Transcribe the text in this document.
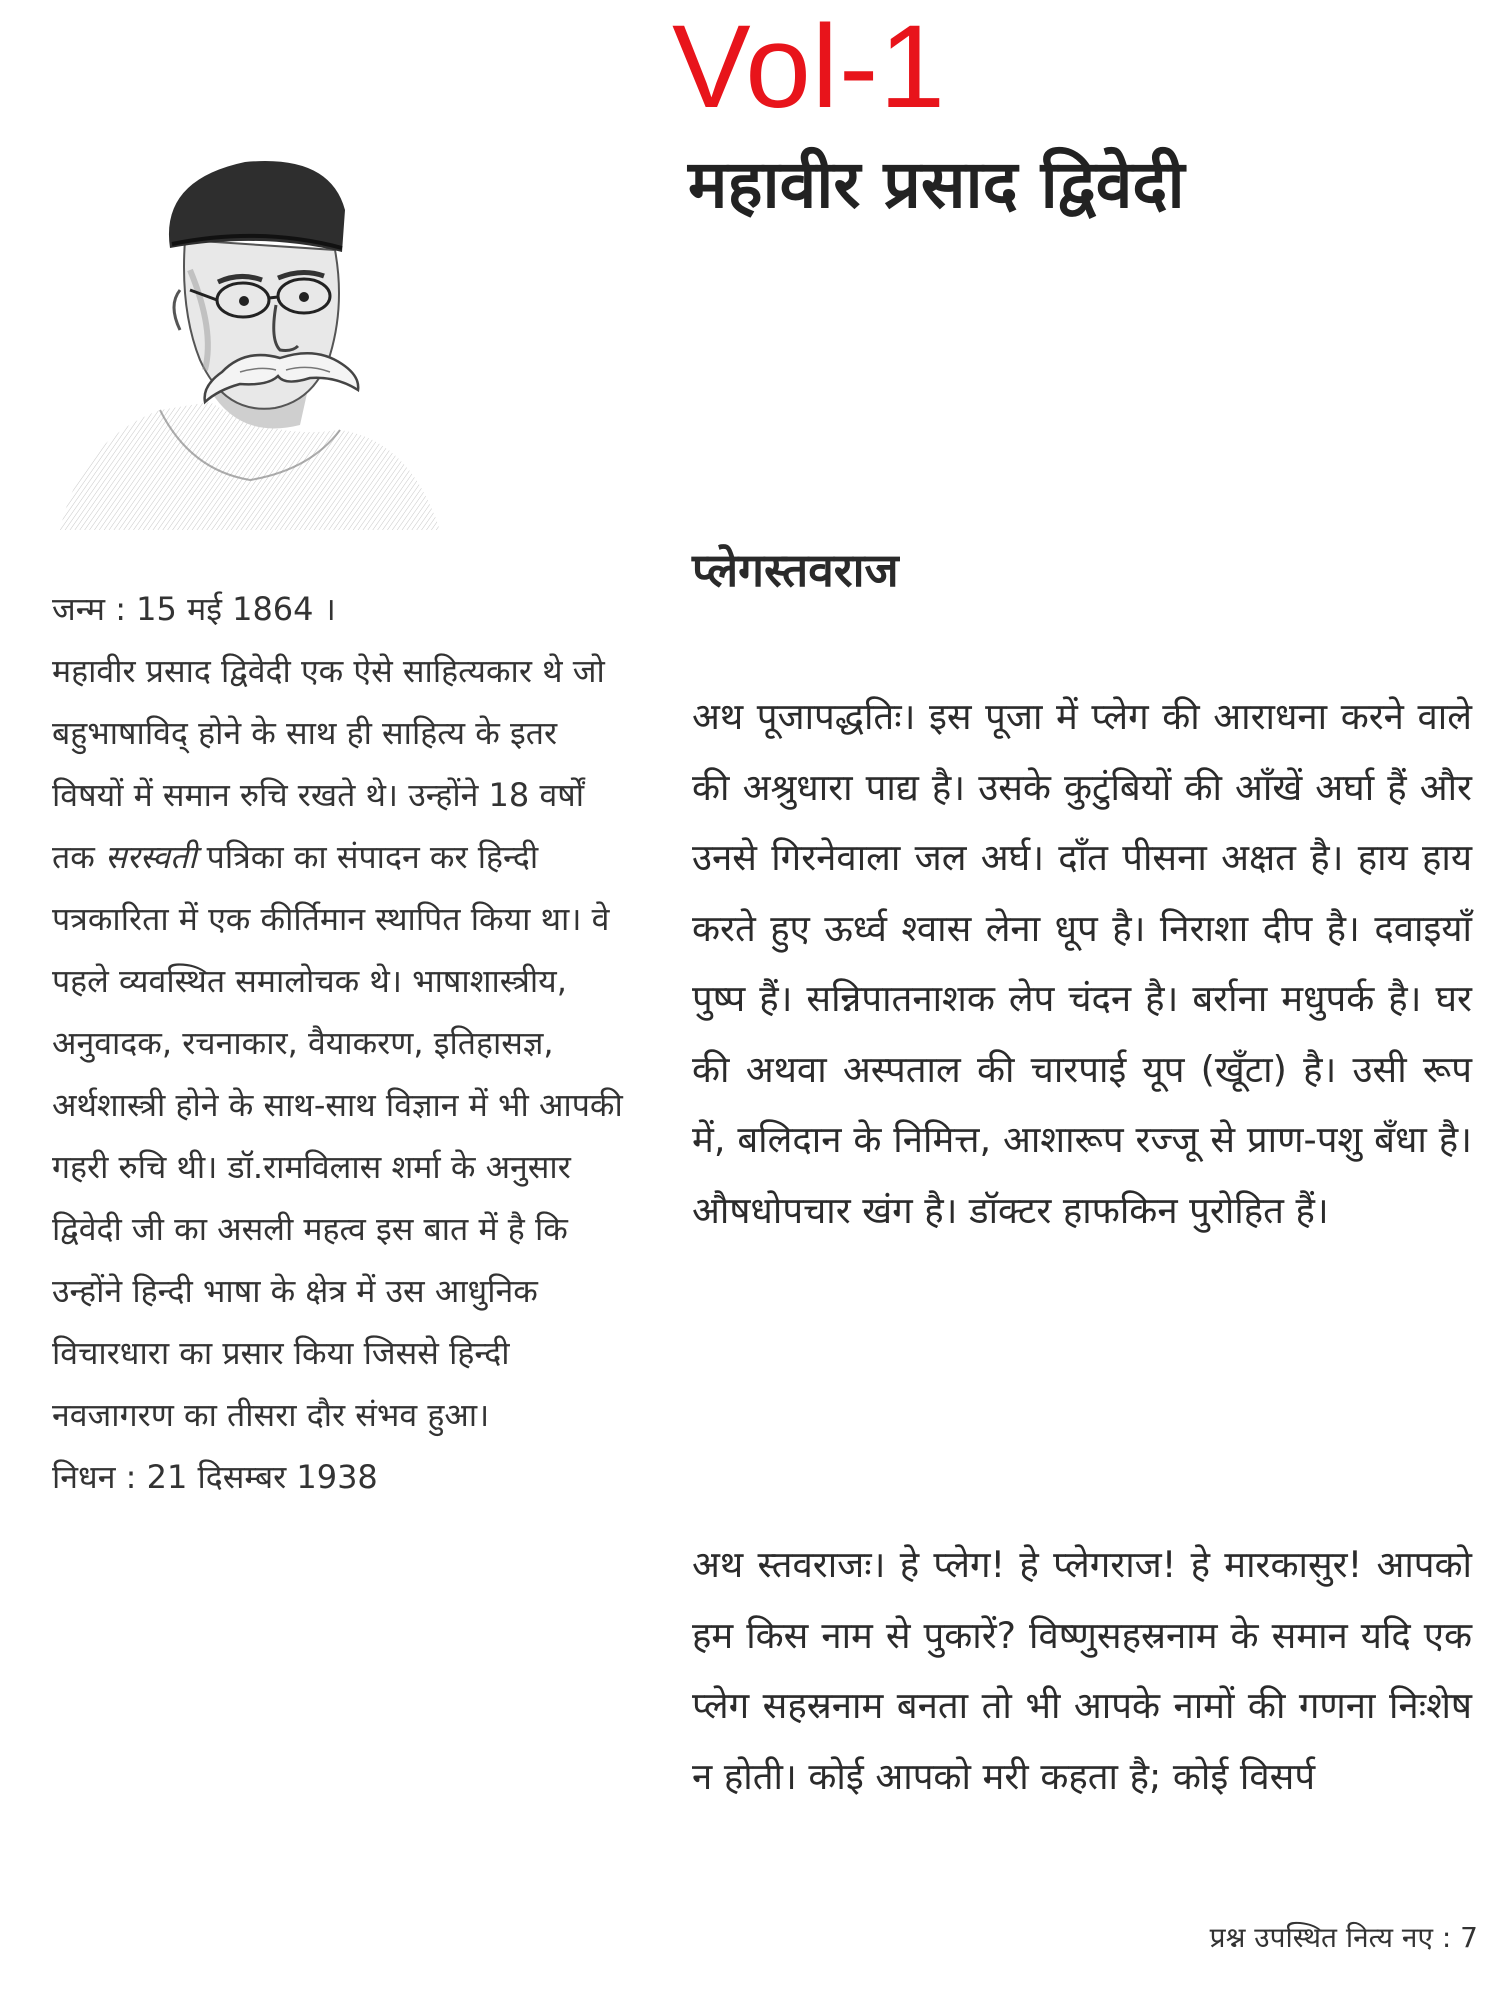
Vol-1
महावीर प्रसाद द्विवेदी

जन्म : 15 मई 1864 ।

महावीर प्रसाद द्विवेदी एक ऐसे साहित्यकार थे जो बहुभाषाविद् होने के साथ ही साहित्य के इतर विषयों में समान रुचि रखते थे। उन्होंने 18 वर्षों तक सरस्वती पत्रिका का संपादन कर हिन्दी पत्रकारिता में एक कीर्तिमान स्थापित किया था। वे पहले व्यवस्थित समालोचक थे। भाषाशास्त्रीय, अनुवादक, रचनाकार, वैयाकरण, इतिहासज्ञ, अर्थशास्त्री होने के साथ-साथ विज्ञान में भी आपकी गहरी रुचि थी। डॉ.रामविलास शर्मा के अनुसार द्विवेदी जी का असली महत्व इस बात में है कि उन्होंने हिन्दी भाषा के क्षेत्र में उस आधुनिक विचारधारा का प्रसार किया जिससे हिन्दी नवजागरण का तीसरा दौर संभव हुआ।

निधन : 21 दिसम्बर 1938

प्लेगस्तवराज

अथ पूजापद्धतिः। इस पूजा में प्लेग की आराधना करने वाले की अश्रुधारा पाद्य है। उसके कुटुंबियों की आँखें अर्घा हैं और उनसे गिरनेवाला जल अर्घ। दाँत पीसना अक्षत है। हाय हाय करते हुए ऊर्ध्व श्वास लेना धूप है। निराशा दीप है। दवाइयाँ पुष्प हैं। सन्निपातनाशक लेप चंदन है। बर्राना मधुपर्क है। घर की अथवा अस्पताल की चारपाई यूप (खूँटा) है। उसी रूप में, बलिदान के निमित्त, आशारूप रज्जू से प्राण-पशु बँधा है। औषधोपचार खंग है। डॉक्टर हाफकिन पुरोहित हैं।

अथ स्तवराजः। हे प्लेग! हे प्लेगराज! हे मारकासुर! आपको हम किस नाम से पुकारें? विष्णुसहस्रनाम के समान यदि एक प्लेग सहस्रनाम बनता तो भी आपके नामों की गणना निःशेष न होती। कोई आपको मरी कहता है; कोई विसर्प

प्रश्न उपस्थित नित्य नए : 7
